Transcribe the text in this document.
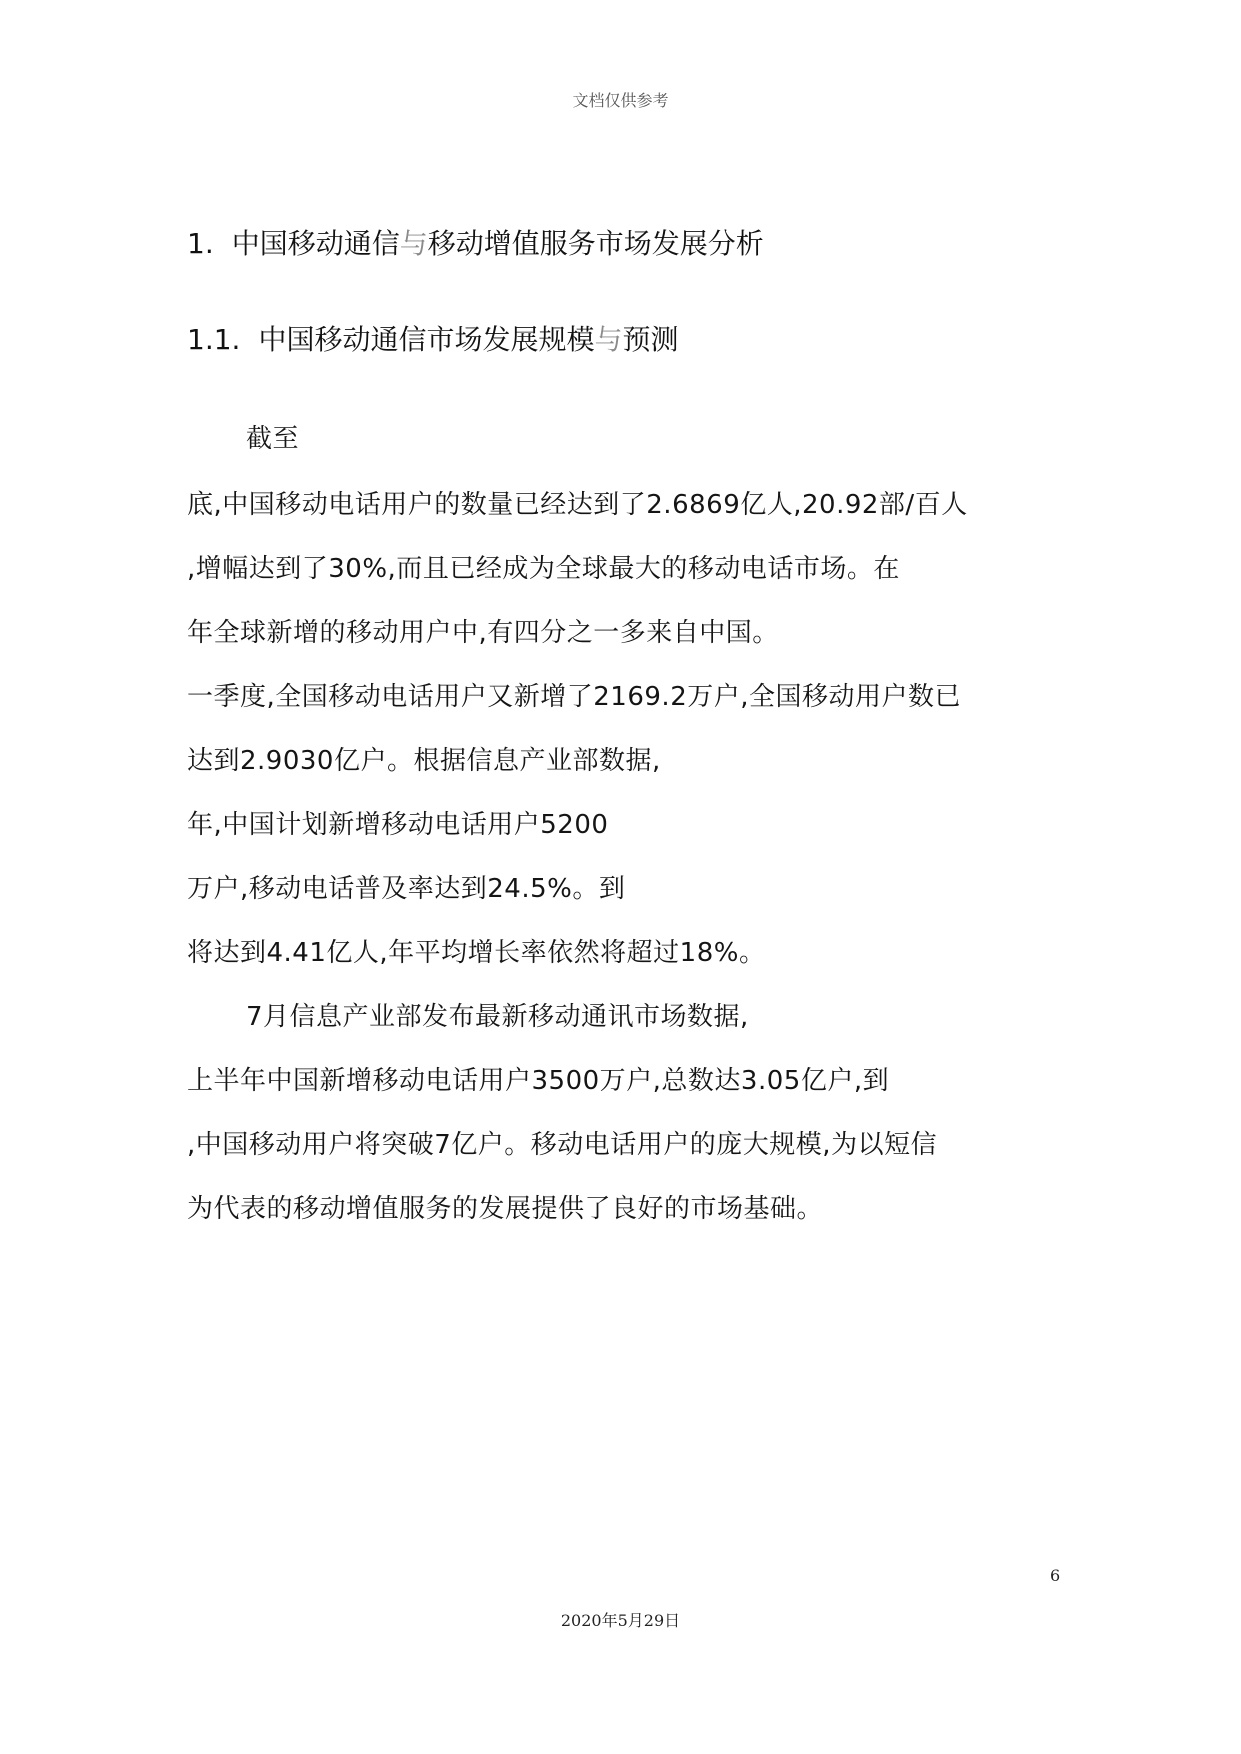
文档仅供参考
1. 中国移动通信与移动增值服务市场发展分析
1.1. 中国移动通信市场发展规模与预测
截至
底,中国移动电话用户的数量已经达到了2.6869亿人,20.92部/百人
,增幅达到了30%,而且已经成为全球最大的移动电话市场。在
年全球新增的移动用户中,有四分之一多来自中国。
一季度,全国移动电话用户又新增了2169.2万户,全国移动用户数已
达到2.9030亿户。根据信息产业部数据,
年,中国计划新增移动电话用户5200
万户,移动电话普及率达到24.5%。到
将达到4.41亿人,年平均增长率依然将超过18%。
7月信息产业部发布最新移动通讯市场数据,
上半年中国新增移动电话用户3500万户,总数达3.05亿户,到
,中国移动用户将突破7亿户。移动电话用户的庞大规模,为以短信
为代表的移动增值服务的发展提供了良好的市场基础。
6
2020年5月29日
